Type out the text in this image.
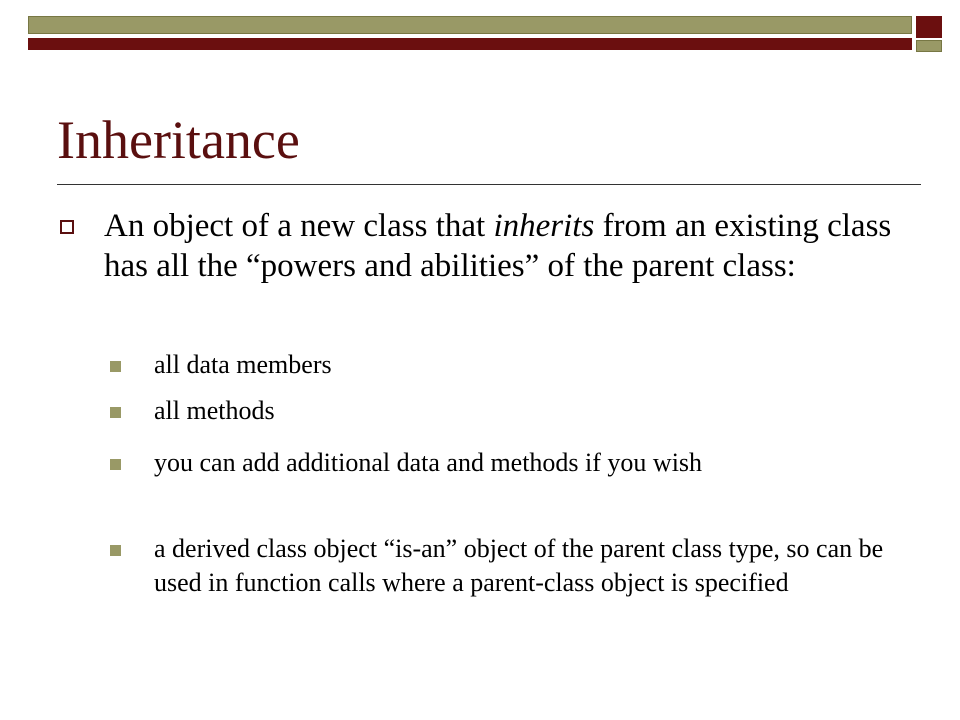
Inheritance
An object of a new class that inherits from an existing class has all the “powers and abilities” of the parent class:
all data members
all methods
you can add additional data and methods if you wish
a derived class object “is-an” object of the parent class type, so can be used in function calls where a parent-class object is specified
